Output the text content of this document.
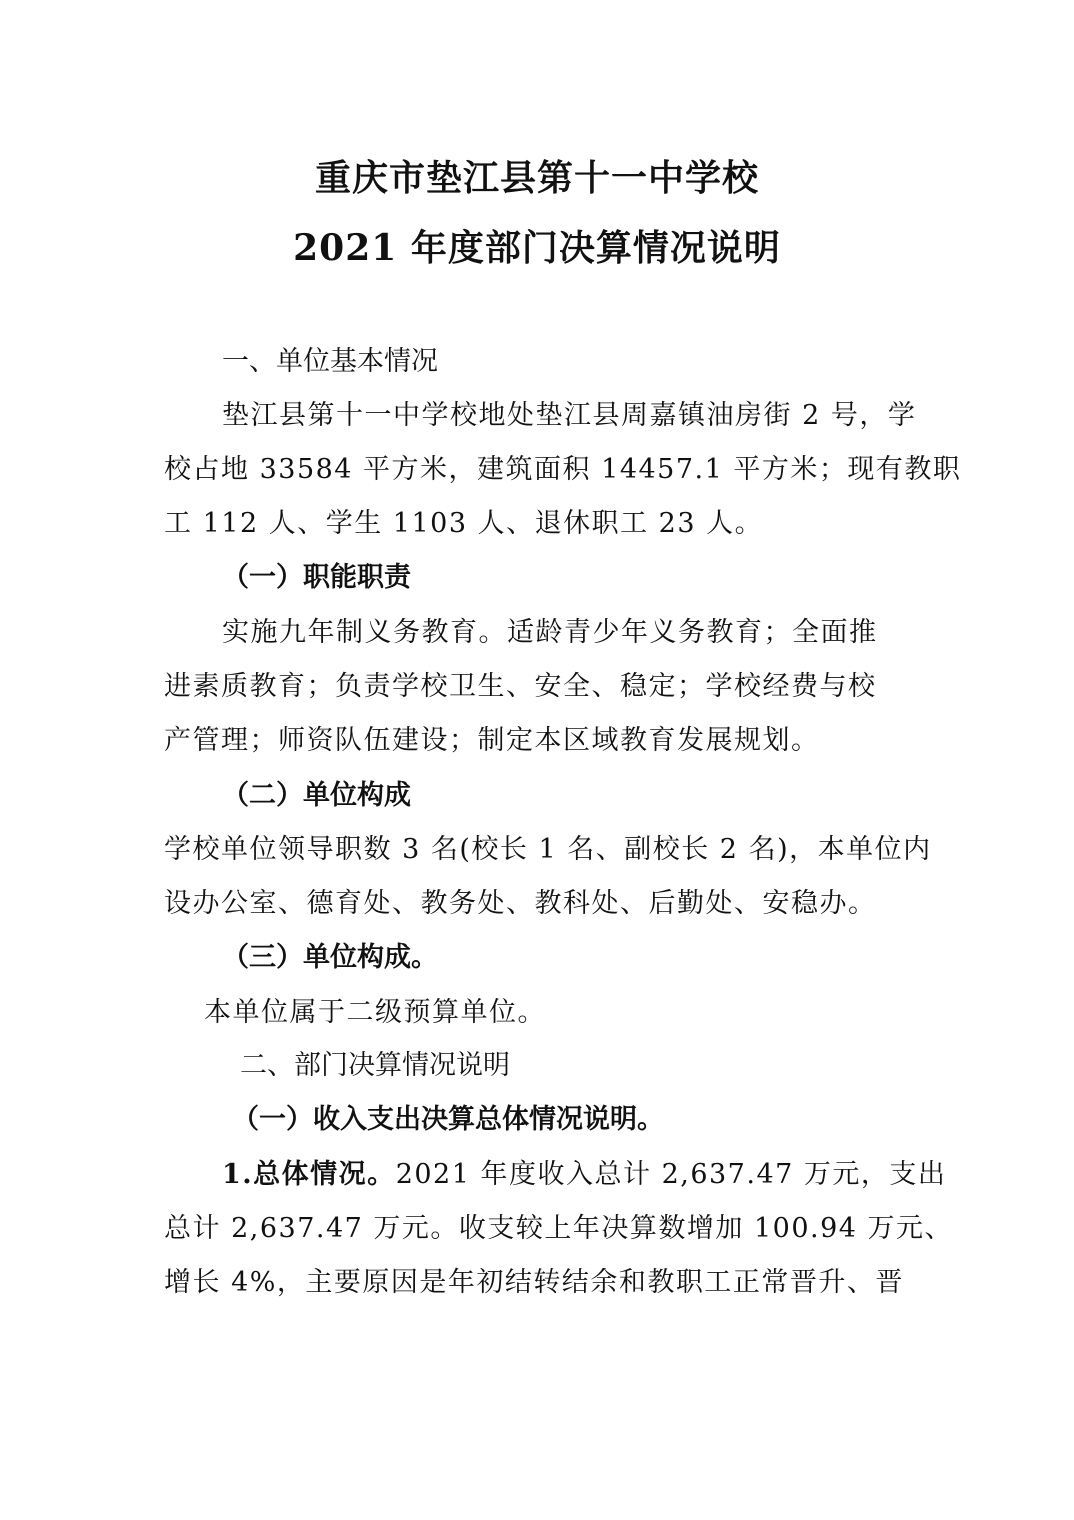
重庆市垫江县第十一中学校
2021 年度部门决算情况说明
一、单位基本情况
垫江县第十一中学校地处垫江县周嘉镇油房街 2 号，学
校占地 33584 平方米，建筑面积 14457.1 平方米；现有教职
工 112 人、学生 1103 人、退休职工 23 人。
（一）职能职责
实施九年制义务教育。适龄青少年义务教育；全面推
进素质教育；负责学校卫生、安全、稳定；学校经费与校
产管理；师资队伍建设；制定本区域教育发展规划。
（二）单位构成
学校单位领导职数 3 名(校长 1 名、副校长 2 名)，本单位内
设办公室、德育处、教务处、教科处、后勤处、安稳办。
（三）单位构成。
本单位属于二级预算单位。
二、部门决算情况说明
（一）收入支出决算总体情况说明。
1.总体情况。2021 年度收入总计 2,637.47 万元，支出
总计 2,637.47 万元。收支较上年决算数增加 100.94 万元、
增长 4%，主要原因是年初结转结余和教职工正常晋升、晋
